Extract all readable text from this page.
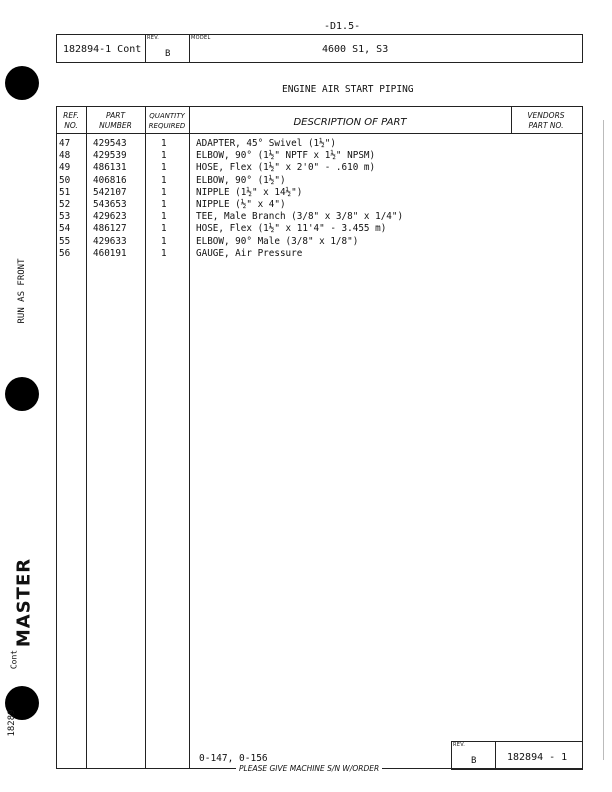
-D1.5-
182894-1 Cont
REV.
B
MODEL
4600 S1, S3
ENGINE AIR START PIPING
RUN AS FRONT
MASTER
Cont
18289
REF.
NO.
PART
NUMBER
QUANTITY
REQUIRED	DESCRIPTION OF PART
VENDORS
PART NO.
47 429543	1	ADAPTER, 45° Swivel (1½")
48 429539	1	ELBOW, 90° (1½" NPTF x 1½" NPSM)
49 486131	1	HOSE, Flex (1½" x 2'0" - .610 m)
50 406816	1	ELBOW, 90° (1½")
51 542107	1	NIPPLE (1½" x 14½")
52 543653	1	NIPPLE (½" x 4")
53 429623	1	TEE, Male Branch (3/8" x 3/8" x 1/4")
54 486127	1	HOSE, Flex (1½" x 11'4" - 3.455 m)
55 429633	1	ELBOW, 90° Male (3/8" x 1/8")
56 460191	1	GAUGE, Air Pressure
0-147, 0-156
PLEASE GIVE MACHINE S/N W/ORDER
REV.
B	182894 - 1
